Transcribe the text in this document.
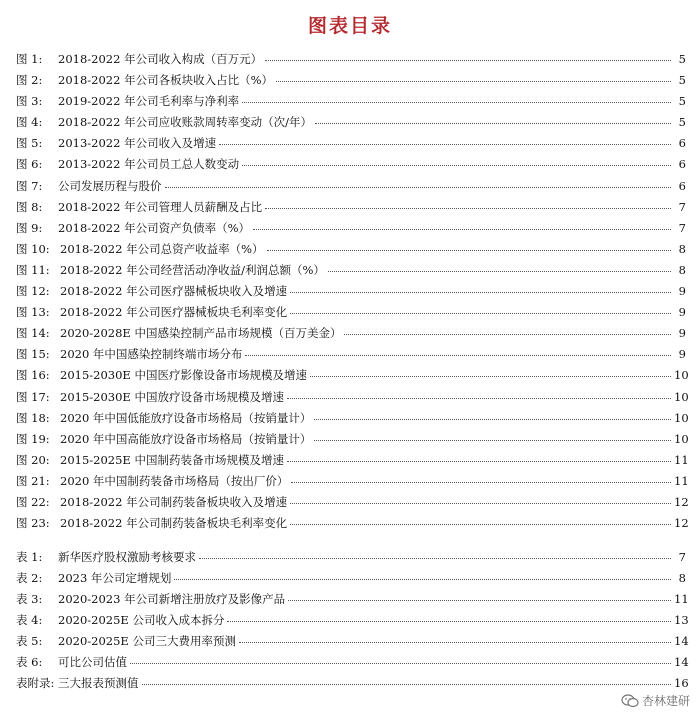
图表目录
图 1:	2018-2022 年公司收入构成（百万元）	5
图 2:	2018-2022 年公司各板块收入占比（%）	5
图 3:	2019-2022 年公司毛利率与净利率	5
图 4:	2018-2022 年公司应收账款周转率变动（次/年）	5
图 5:	2013-2022 年公司收入及增速	6
图 6:	2013-2022 年公司员工总人数变动	6
图 7:	公司发展历程与股价	6
图 8:	2018-2022 年公司管理人员薪酬及占比	7
图 9:	2018-2022 年公司资产负债率（%）	7
图 10: 2018-2022 年公司总资产收益率（%）	8
图 11: 2018-2022 年公司经营活动净收益/利润总额（%）	8
图 12: 2018-2022 年公司医疗器械板块收入及增速	9
图 13: 2018-2022 年公司医疗器械板块毛利率变化	9
图 14: 2020-2028E 中国感染控制产品市场规模（百万美金）	9
图 15: 2020 年中国感染控制终端市场分布	9
图 16: 2015-2030E 中国医疗影像设备市场规模及增速	10
图 17: 2015-2030E 中国放疗设备市场规模及增速	10
图 18: 2020 年中国低能放疗设备市场格局（按销量计）	10
图 19: 2020 年中国高能放疗设备市场格局（按销量计）	10
图 20: 2015-2025E 中国制药装备市场规模及增速	11
图 21: 2020 年中国制药装备市场格局（按出厂价）	11
图 22: 2018-2022 年公司制药装备板块收入及增速	12
图 23: 2018-2022 年公司制药装备板块毛利率变化	12
表 1:	新华医疗股权激励考核要求	7
表 2:	2023 年公司定增规划	8
表 3:	2020-2023 年公司新增注册放疗及影像产品	11
表 4:	2020-2025E 公司收入成本拆分	13
表 5:	2020-2025E 公司三大费用率预测	14
表 6:	可比公司估值	14
表附录: 三大报表预测值	16
杏林建研
